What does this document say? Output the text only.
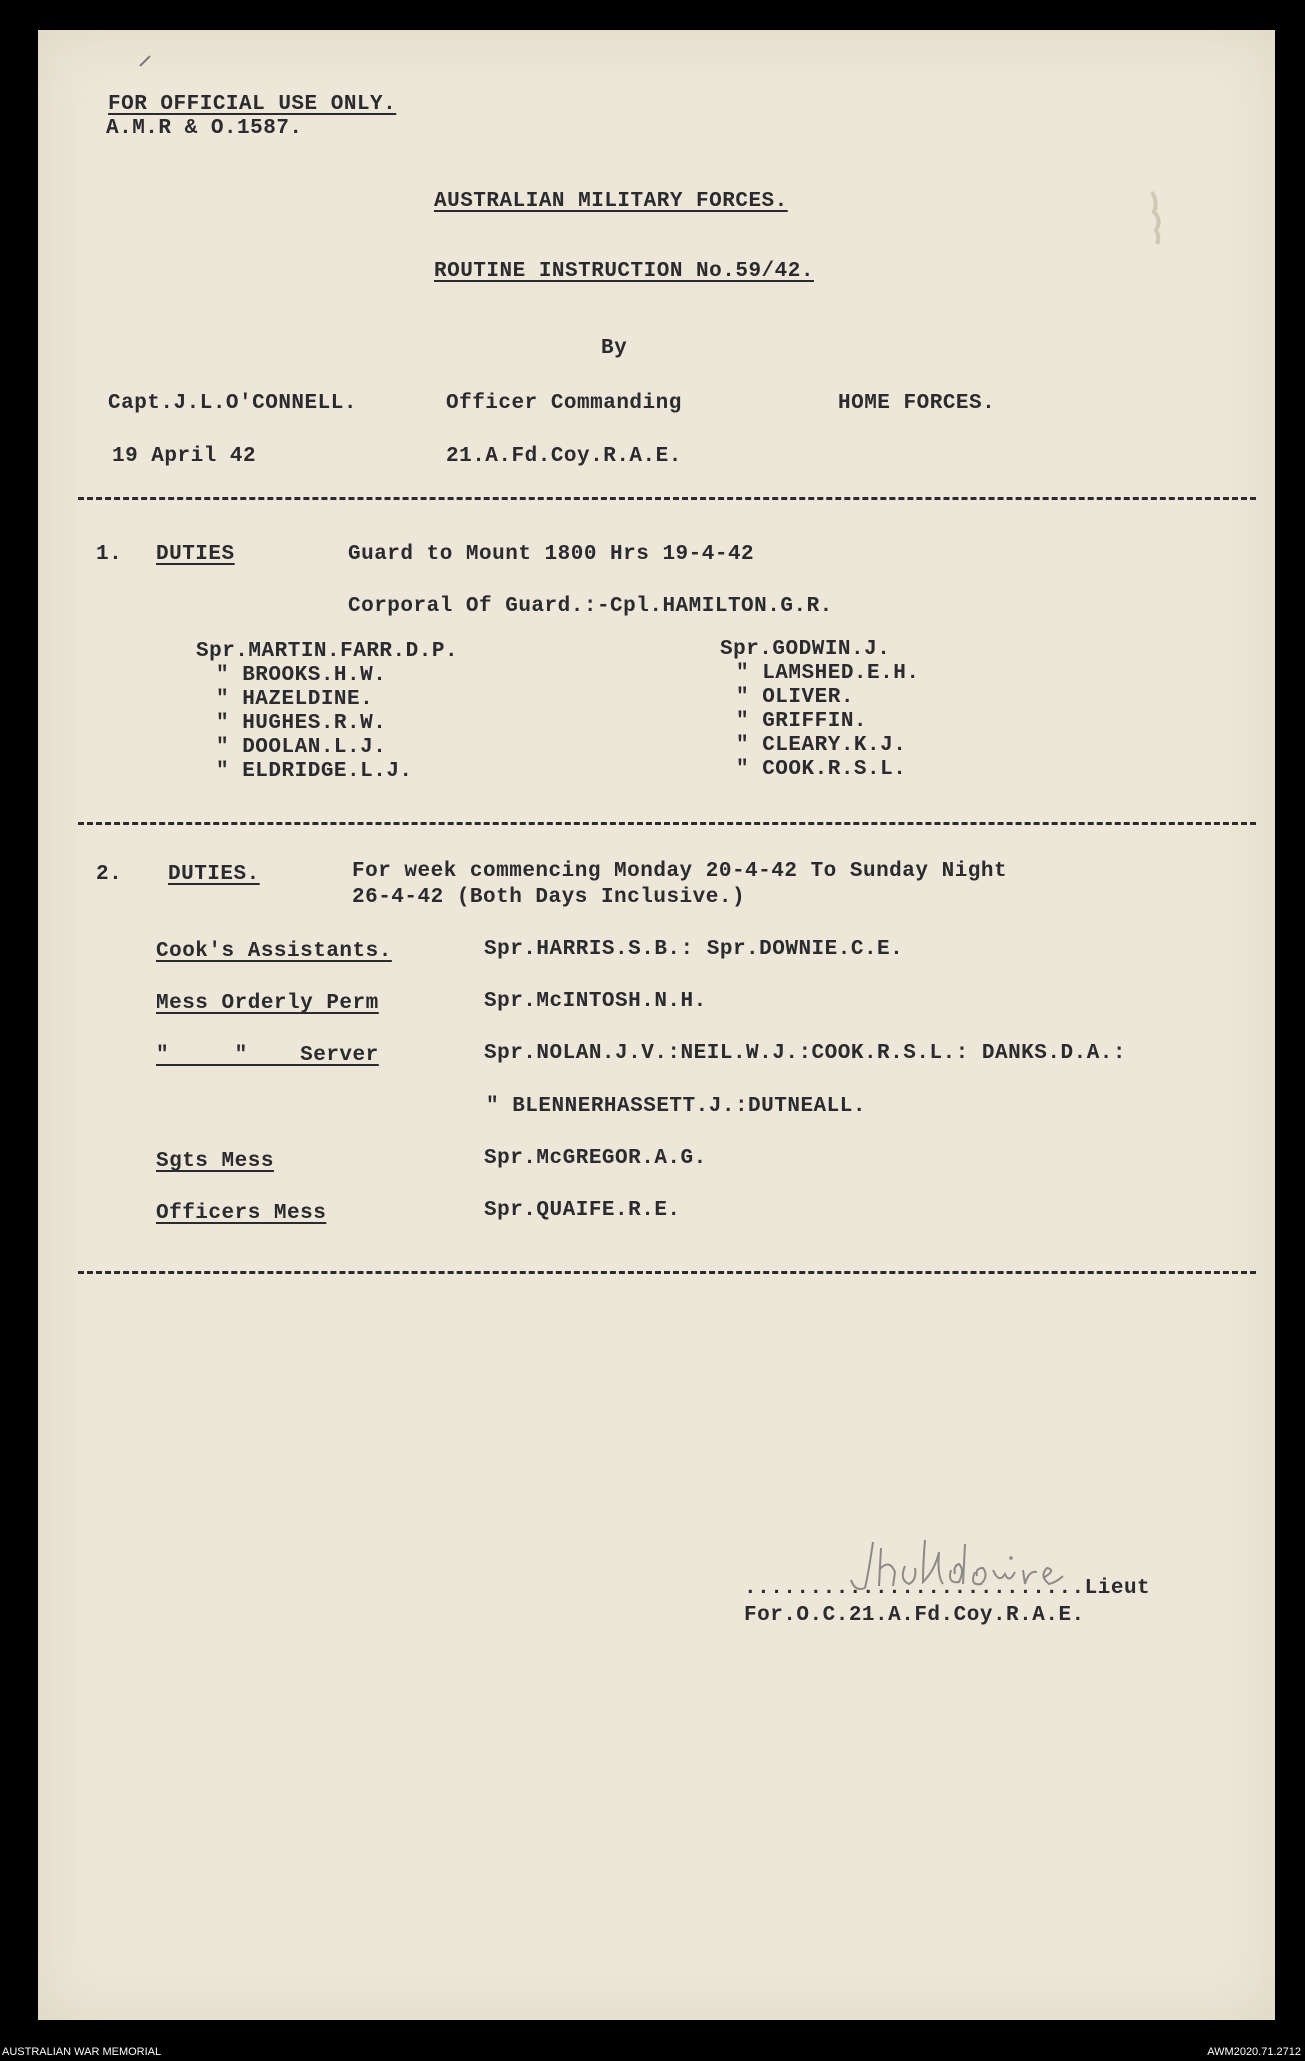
FOR OFFICIAL USE ONLY.
A.M.R & O.1587.
AUSTRALIAN MILITARY FORCES.
ROUTINE INSTRUCTION No.59/42.
By
Capt.J.L.O'CONNELL.	Officer Commanding	HOME FORCES.
19 April 42	21.A.Fd.Coy.R.A.E.
1. DUTIES	Guard to Mount 1800 Hrs 19-4-42
Corporal Of Guard.:-Cpl.HAMILTON.G.R.
Spr.MARTIN.FARR.D.P.
" BROOKS.H.W.
" HAZELDINE.
" HUGHES.R.W.
" DOOLAN.L.J.
" ELDRIDGE.L.J.
Spr.GODWIN.J.
" LAMSHED.E.H.
" OLIVER.
" GRIFFIN.
" CLEARY.K.J.
" COOK.R.S.L.
2. DUTIES.	For week commencing Monday 20-4-42 To Sunday Night
26-4-42 (Both Days Inclusive.)
Cook's Assistants.	Spr.HARRIS.S.B.: Spr.DOWNIE.C.E.
Mess Orderly Perm	Spr.McINTOSH.N.H.
"     "    Server	Spr.NOLAN.J.V.:NEIL.W.J.:COOK.R.S.L.: DANKS.D.A.:
" BLENNERHASSETT.J.:DUTNEALL.
Sgts Mess	Spr.McGREGOR.A.G.
Officers Mess	Spr.QUAIFE.R.E.
..........................Lieut
For.O.C.21.A.Fd.Coy.R.A.E.
AUSTRALIAN WAR MEMORIAL	AWM2020.71.2712
